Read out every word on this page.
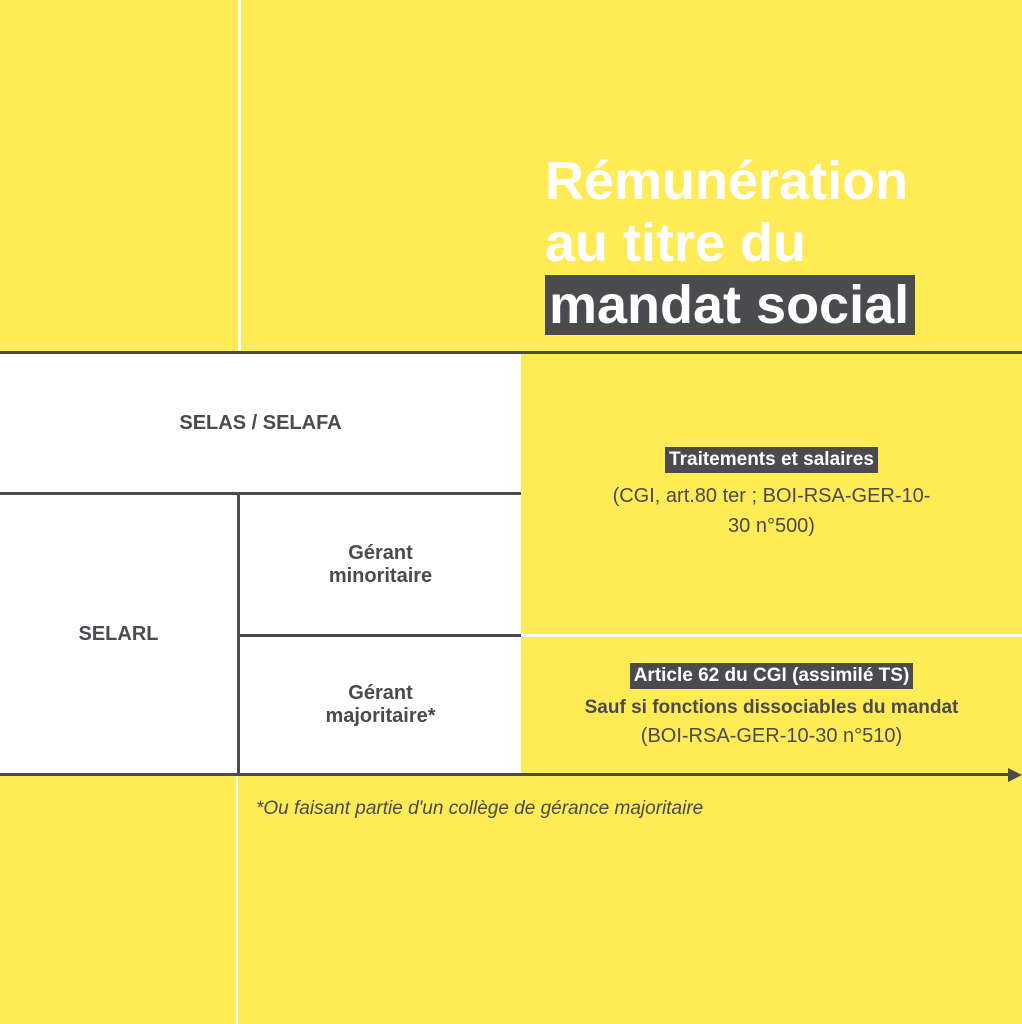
Rémunération
au titre du
mandat social
SELAS / SELAFA
SELARL
Gérant minoritaire
Gérant majoritaire*
Traitements et salaires
(CGI, art.80 ter ; BOI-RSA-GER-10-30 n°500)
Article 62 du CGI (assimilé TS)
Sauf si fonctions dissociables du mandat
(BOI-RSA-GER-10-30 n°510)
*Ou faisant partie d'un collège de gérance majoritaire
